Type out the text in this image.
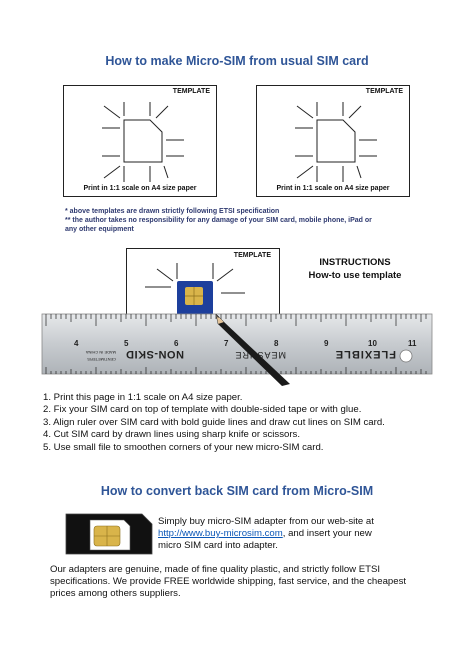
How to make Micro-SIM from usual SIM card
TEMPLATE
Print in 1:1 scale on A4 size paper
TEMPLATE
Print in 1:1 scale on A4 size paper
* above templates are drawn strictly following ETSI specification
** the author takes no responsibility for any damage of your SIM card, mobile phone, iPad or
any other equipment
TEMPLATE
INSTRUCTIONS
How-to use template
4	5	6	7	8	9	10	11
CENTIMETERS
MADE IN CHINA NON-SKID	MEASURE	FLEXIBLE
1. Print this page in 1:1 scale on A4 size paper.
2. Fix your SIM card on top of template with double-sided tape or with glue.
3. Align ruler over SIM card with bold guide lines and draw cut lines on SIM card.
4. Cut SIM card by drawn lines using sharp knife or scissors.
5. Use small file to smoothen corners of your new micro-SIM card.
How to convert back SIM card from Micro-SIM
Simply buy micro-SIM adapter from our web-site at
http://www.buy-microsim.com, and insert your new
micro SIM card into adapter.
Our adapters are genuine, made of fine quality plastic, and strictly follow ETSI specifications. We provide FREE worldwide shipping, fast service, and the cheapest prices among others suppliers.
